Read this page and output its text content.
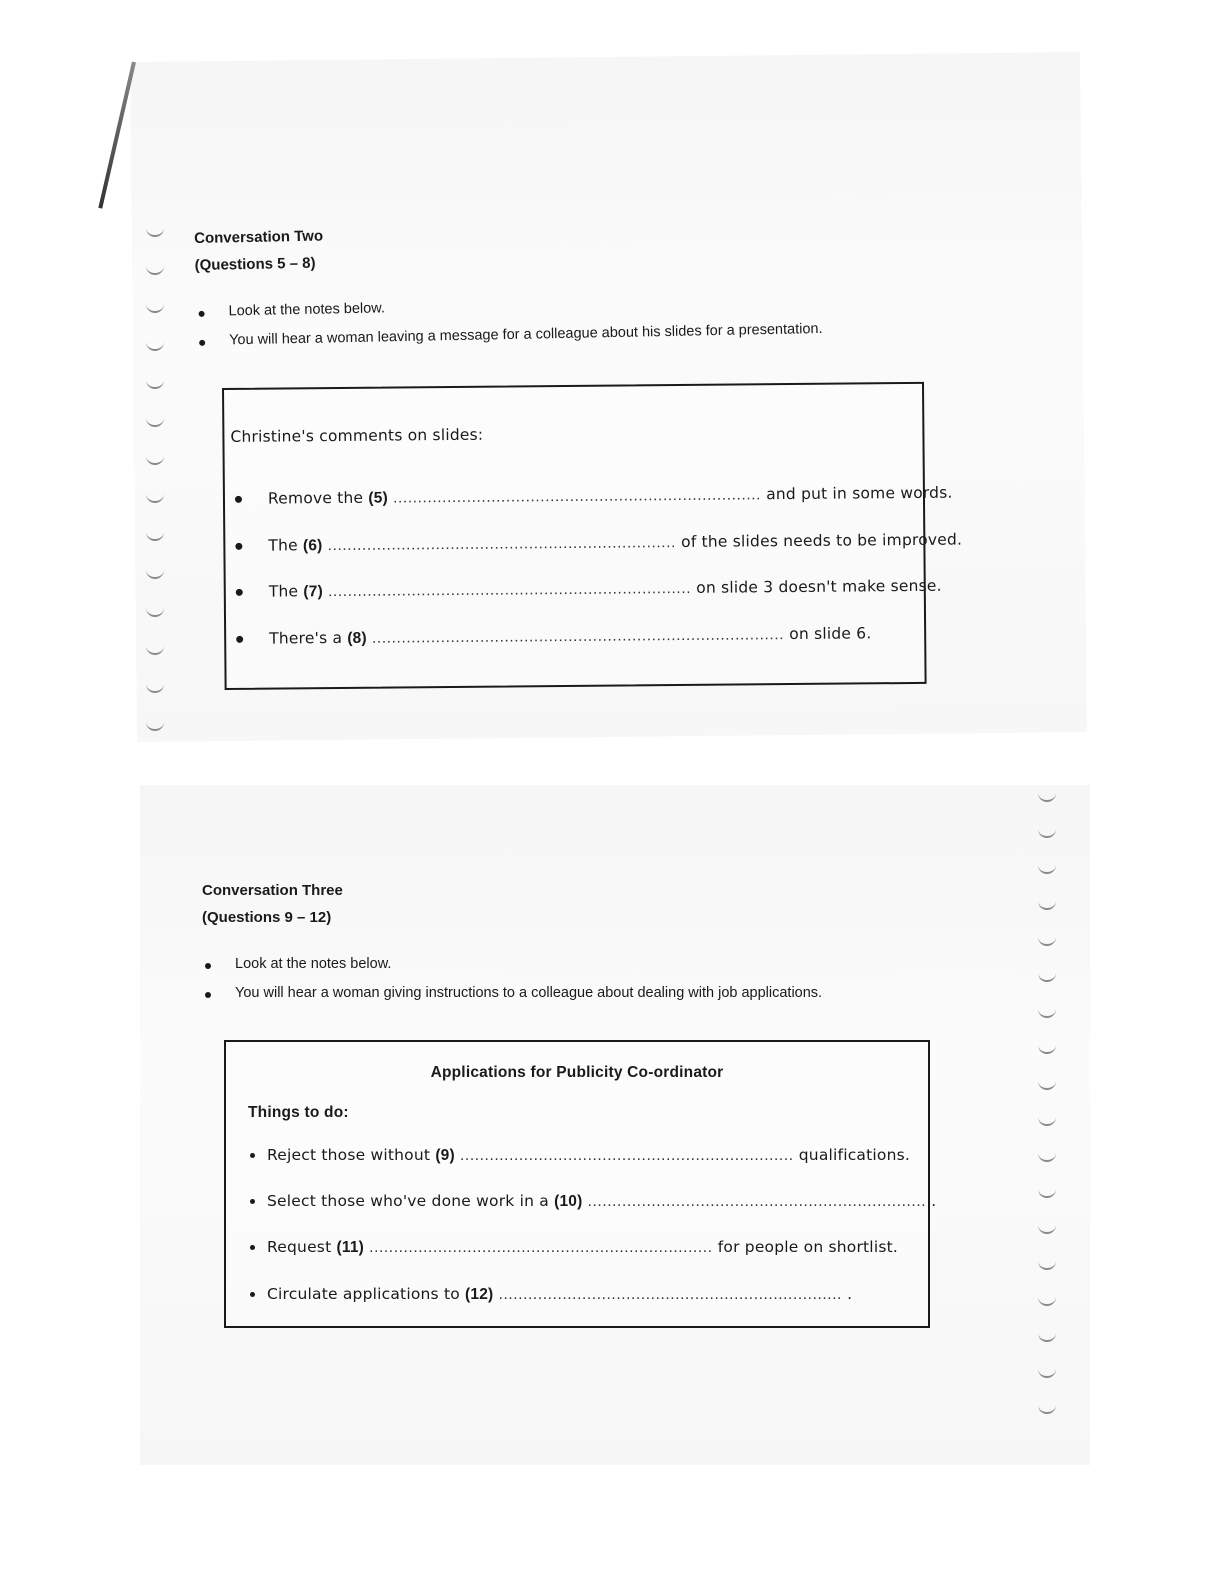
Conversation Two
(Questions 5 – 8)
Look at the notes below.
You will hear a woman leaving a message for a colleague about his slides for a presentation.
Christine's comments on slides:
Remove the (5) ........................................................................... and put in some words.
The (6) ....................................................................... of the slides needs to be improved.
The (7) .......................................................................... on slide 3 doesn't make sense.
There's a (8) .................................................................................... on slide 6.
Conversation Three
(Questions 9 – 12)
Look at the notes below.
You will hear a woman giving instructions to a colleague about dealing with job applications.
Applications for Publicity Co-ordinator
Things to do:
Reject those without (9) .................................................................... qualifications.
Select those who've done work in a (10) ..................................................................... .
Request (11) ...................................................................... for people on shortlist.
Circulate applications to (12) ...................................................................... .
